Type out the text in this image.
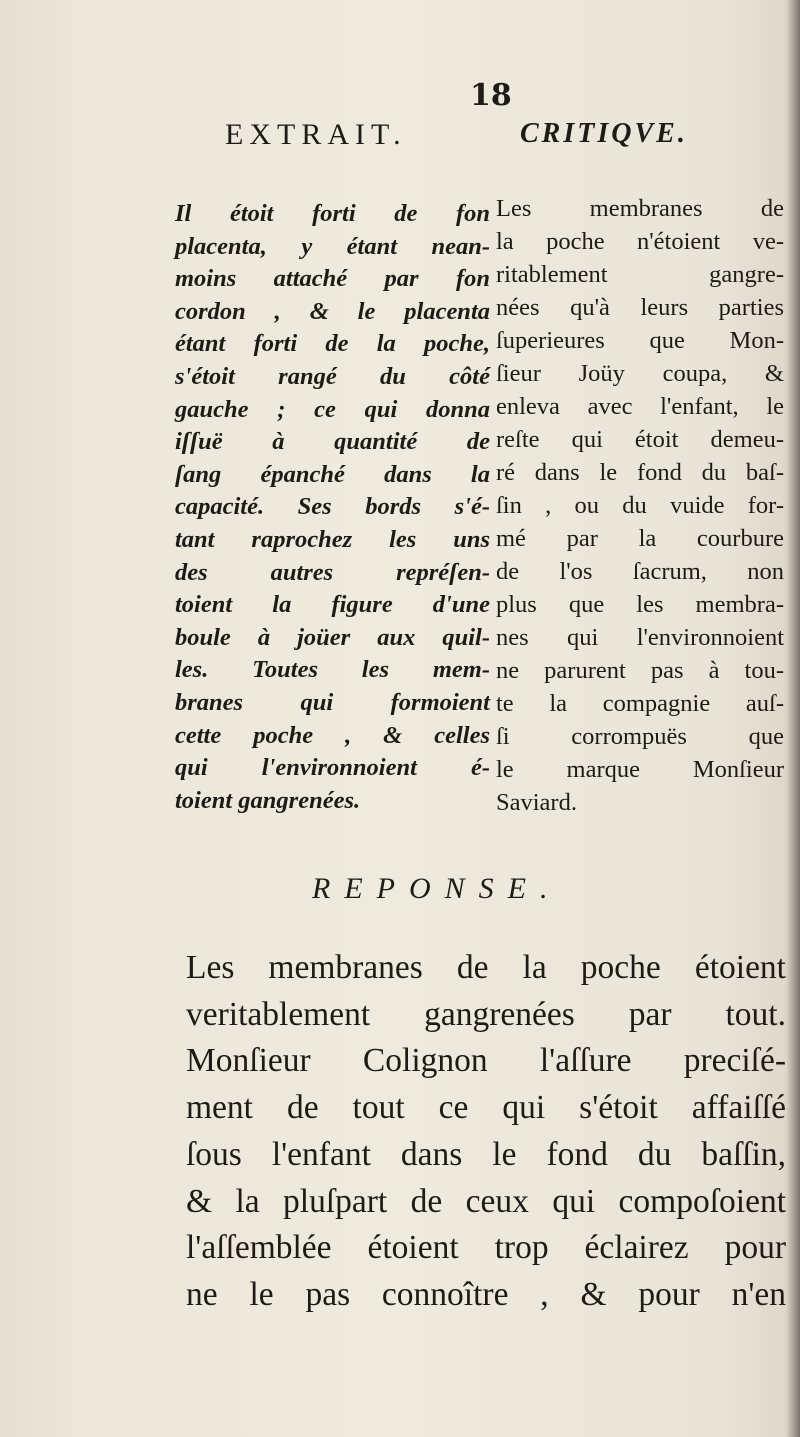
18
EXTRAIT.	CRITIQVE.
Il étoit forti de fon
placenta, y étant nean-
moins attaché par fon
cordon , & le placenta
étant forti de la poche,
s'étoit rangé du côté
gauche ; ce qui donna
iſſuë à quantité de
ſang épanché dans la
capacité. Ses bords s'é-
tant raprochez les uns
des autres repréſen-
toient la figure d'une
boule à joüer aux quil-
les. Toutes les mem-
branes qui formoient
cette poche , & celles
qui l'environnoient é-
toient gangrenées.
Les membranes de
la poche n'étoient ve-
ritablement gangre-
nées qu'à leurs parties
ſuperieures que Mon-
ſieur Joüy coupa, &
enleva avec l'enfant, le
reſte qui étoit demeu-
ré dans le fond du baſ-
ſin , ou du vuide for-
mé par la courbure
de l'os ſacrum, non
plus que les membra-
nes qui l'environnoient
ne parurent pas à tou-
te la compagnie auſ-
ſi corrompuës que
le marque Monſieur
Saviard.
REPONSE.
Les membranes de la poche étoient
veritablement gangrenées par tout.
Monſieur Colignon l'aſſure preciſé-
ment de tout ce qui s'étoit affaiſſé
ſous l'enfant dans le fond du baſſin,
& la pluſpart de ceux qui compoſoient
l'aſſemblée étoient trop éclairez pour
ne le pas connoître , & pour n'en
